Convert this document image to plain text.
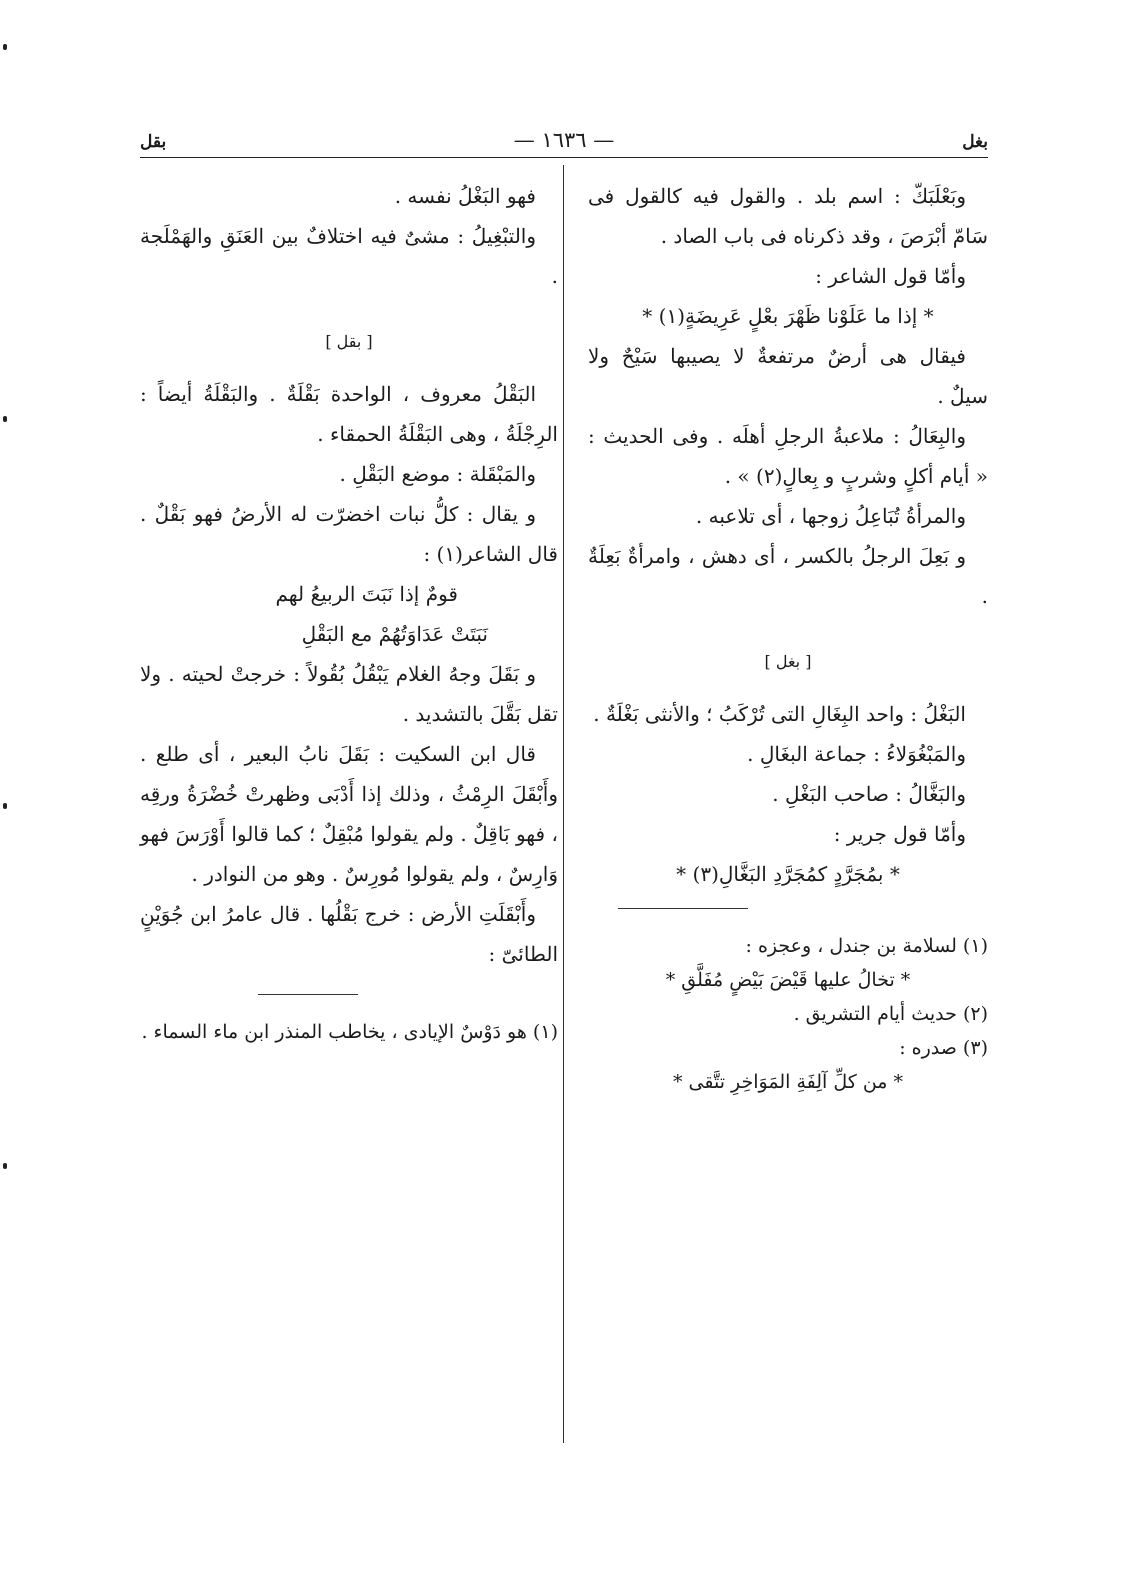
بغل
— ١٦٣٦ —
بقل

وبَعْلَبَكّ : اسم بلد . والقول فيه كالقول فى سَامّ أبْرَصَ ، وقد ذكرناه فى باب الصاد .

وأمّا قول الشاعر :

* إذا ما عَلَوْنا ظَهْرَ بعْلٍ عَرِيضَةٍ(١) *

فيقال هى أرضٌ مرتفعةٌ لا يصيبها سَيْحٌ ولا سيلٌ .

والبِعَالُ : ملاعبةُ الرجلِ أهلَه . وفى الحديث : « أيام أكلٍ وشربٍ و بِعالٍ(٢) » .

والمرأةُ تُبَاعِلُ زوجها ، أى تلاعبه .

و بَعِلَ الرجلُ بالكسر ، أى دهش ، وامرأةٌ بَعِلَةٌ .

[ بغل ]

البَغْلُ : واحد البِغَالِ التى تُرْكَبُ ؛ والأنثى بَغْلَةٌ .

والمَبْغُوَلاءُ : جماعة البغَالِ .

والبَغَّالُ : صاحب البَغْلِ .

وأمّا قول جرير :

* بمُجَرَّدٍ كمُجَرَّدِ البَغَّالِ(٣) *

(١) لسلامة بن جندل ، وعجزه :

* تخالُ عليها قَيْضَ بَيْضٍ مُفَلَّقِ *

(٢) حديث أيام التشريق .

(٣) صدره :

* من كلِّ آلِفَةِ المَوَاخِرِ تتَّقى *

فهو البَغْلُ نفسه .

والتبْغِيلُ : مشىٌ فيه اختلافٌ بين العَنَقِ والهَمْلَجة .

[ بقل ]

البَقْلُ معروف ، الواحدة بَقْلَةٌ . والبَقْلَةُ أيضاً : الرِجْلَةُ ، وهى البَقْلَةُ الحمقاء .

والمَبْقَلة : موضع البَقْلِ .

و يقال : كلُّ نبات اخضرّت له الأرضُ فهو بَقْلٌ . قال الشاعر(١) :

قومٌ إذا نَبَتَ الربيعُ لهم

نَبَتَتْ عَدَاوَتُهُمْ مع البَقْلِ

و بَقَلَ وجهُ الغلام يَبْقُلُ بُقُولاً : خرجتْ لحيته . ولا تقل بَقَّلَ بالتشديد .

قال ابن السكيت : بَقَلَ نابُ البعير ، أى طلع . وأَبْقَلَ الرِمْثُ ، وذلك إذا أَدْبَى وظهرتْ خُضْرَةُ ورقِه ، فهو بَاقِلٌ . ولم يقولوا مُبْقِلٌ ؛ كما قالوا أَوْرَسَ فهو وَارِسٌ ، ولم يقولوا مُورِسٌ . وهو من النوادر .

وأَبْقَلَتِ الأرض : خرج بَقْلُها . قال عامرُ ابن جُوَيْنٍ الطائىّ :

(١) هو دَوْسٌ الإيادى ، يخاطب المنذر ابن ماء السماء .
